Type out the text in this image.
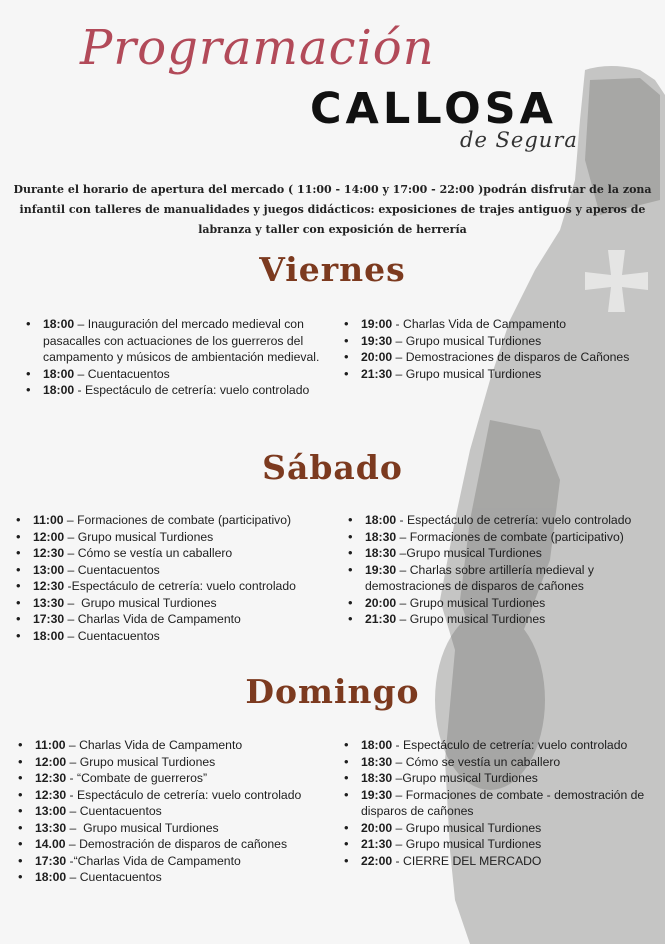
Programación
CALLOSA
de Segura
Durante el horario de apertura del mercado ( 11:00 - 14:00 y 17:00 - 22:00 )podrán disfrutar de la zona infantil con talleres de manualidades y juegos didácticos: exposiciones de trajes antiguos y aperos de labranza y taller con exposición de herrería
Viernes
• 18:00 – Inauguración del mercado medieval con pasacalles con actuaciones de los guerreros del campamento y músicos de ambientación medieval.
• 18:00 – Cuentacuentos
• 18:00 - Espectáculo de cetrería: vuelo controlado
• 19:00 - Charlas Vida de Campamento
• 19:30 – Grupo musical Turdiones
• 20:00 – Demostraciones de disparos de Cañones
• 21:30 – Grupo musical Turdiones
Sábado
• 11:00 – Formaciones de combate (participativo)
• 12:00 – Grupo musical Turdiones
• 12:30 – Cómo se vestía un caballero
• 13:00 – Cuentacuentos
• 12:30 -Espectáculo de cetrería: vuelo controlado
• 13:30 –  Grupo musical Turdiones
• 17:30 – Charlas Vida de Campamento
• 18:00 – Cuentacuentos
• 18:00 - Espectáculo de cetrería: vuelo controlado
• 18:30 – Formaciones de combate (participativo)
• 18:30 –Grupo musical Turdiones
• 19:30 – Charlas sobre artillería medieval y demostraciones de disparos de cañones
• 20:00 – Grupo musical Turdiones
• 21:30 – Grupo musical Turdiones
Domingo
• 11:00 – Charlas Vida de Campamento
• 12:00 – Grupo musical Turdiones
• 12:30 - “Combate de guerreros”
• 12:30 - Espectáculo de cetrería: vuelo controlado
• 13:00 – Cuentacuentos
• 13:30 –  Grupo musical Turdiones
• 14.00 – Demostración de disparos de cañones
• 17:30 -“Charlas Vida de Campamento
• 18:00 – Cuentacuentos
• 18:00 - Espectáculo de cetrería: vuelo controlado
• 18:30 – Cómo se vestía un caballero
• 18:30 –Grupo musical Turdiones
• 19:30 – Formaciones de combate - demostración de disparos de cañones
• 20:00 – Grupo musical Turdiones
• 21:30 – Grupo musical Turdiones
• 22:00 - CIERRE DEL MERCADO
